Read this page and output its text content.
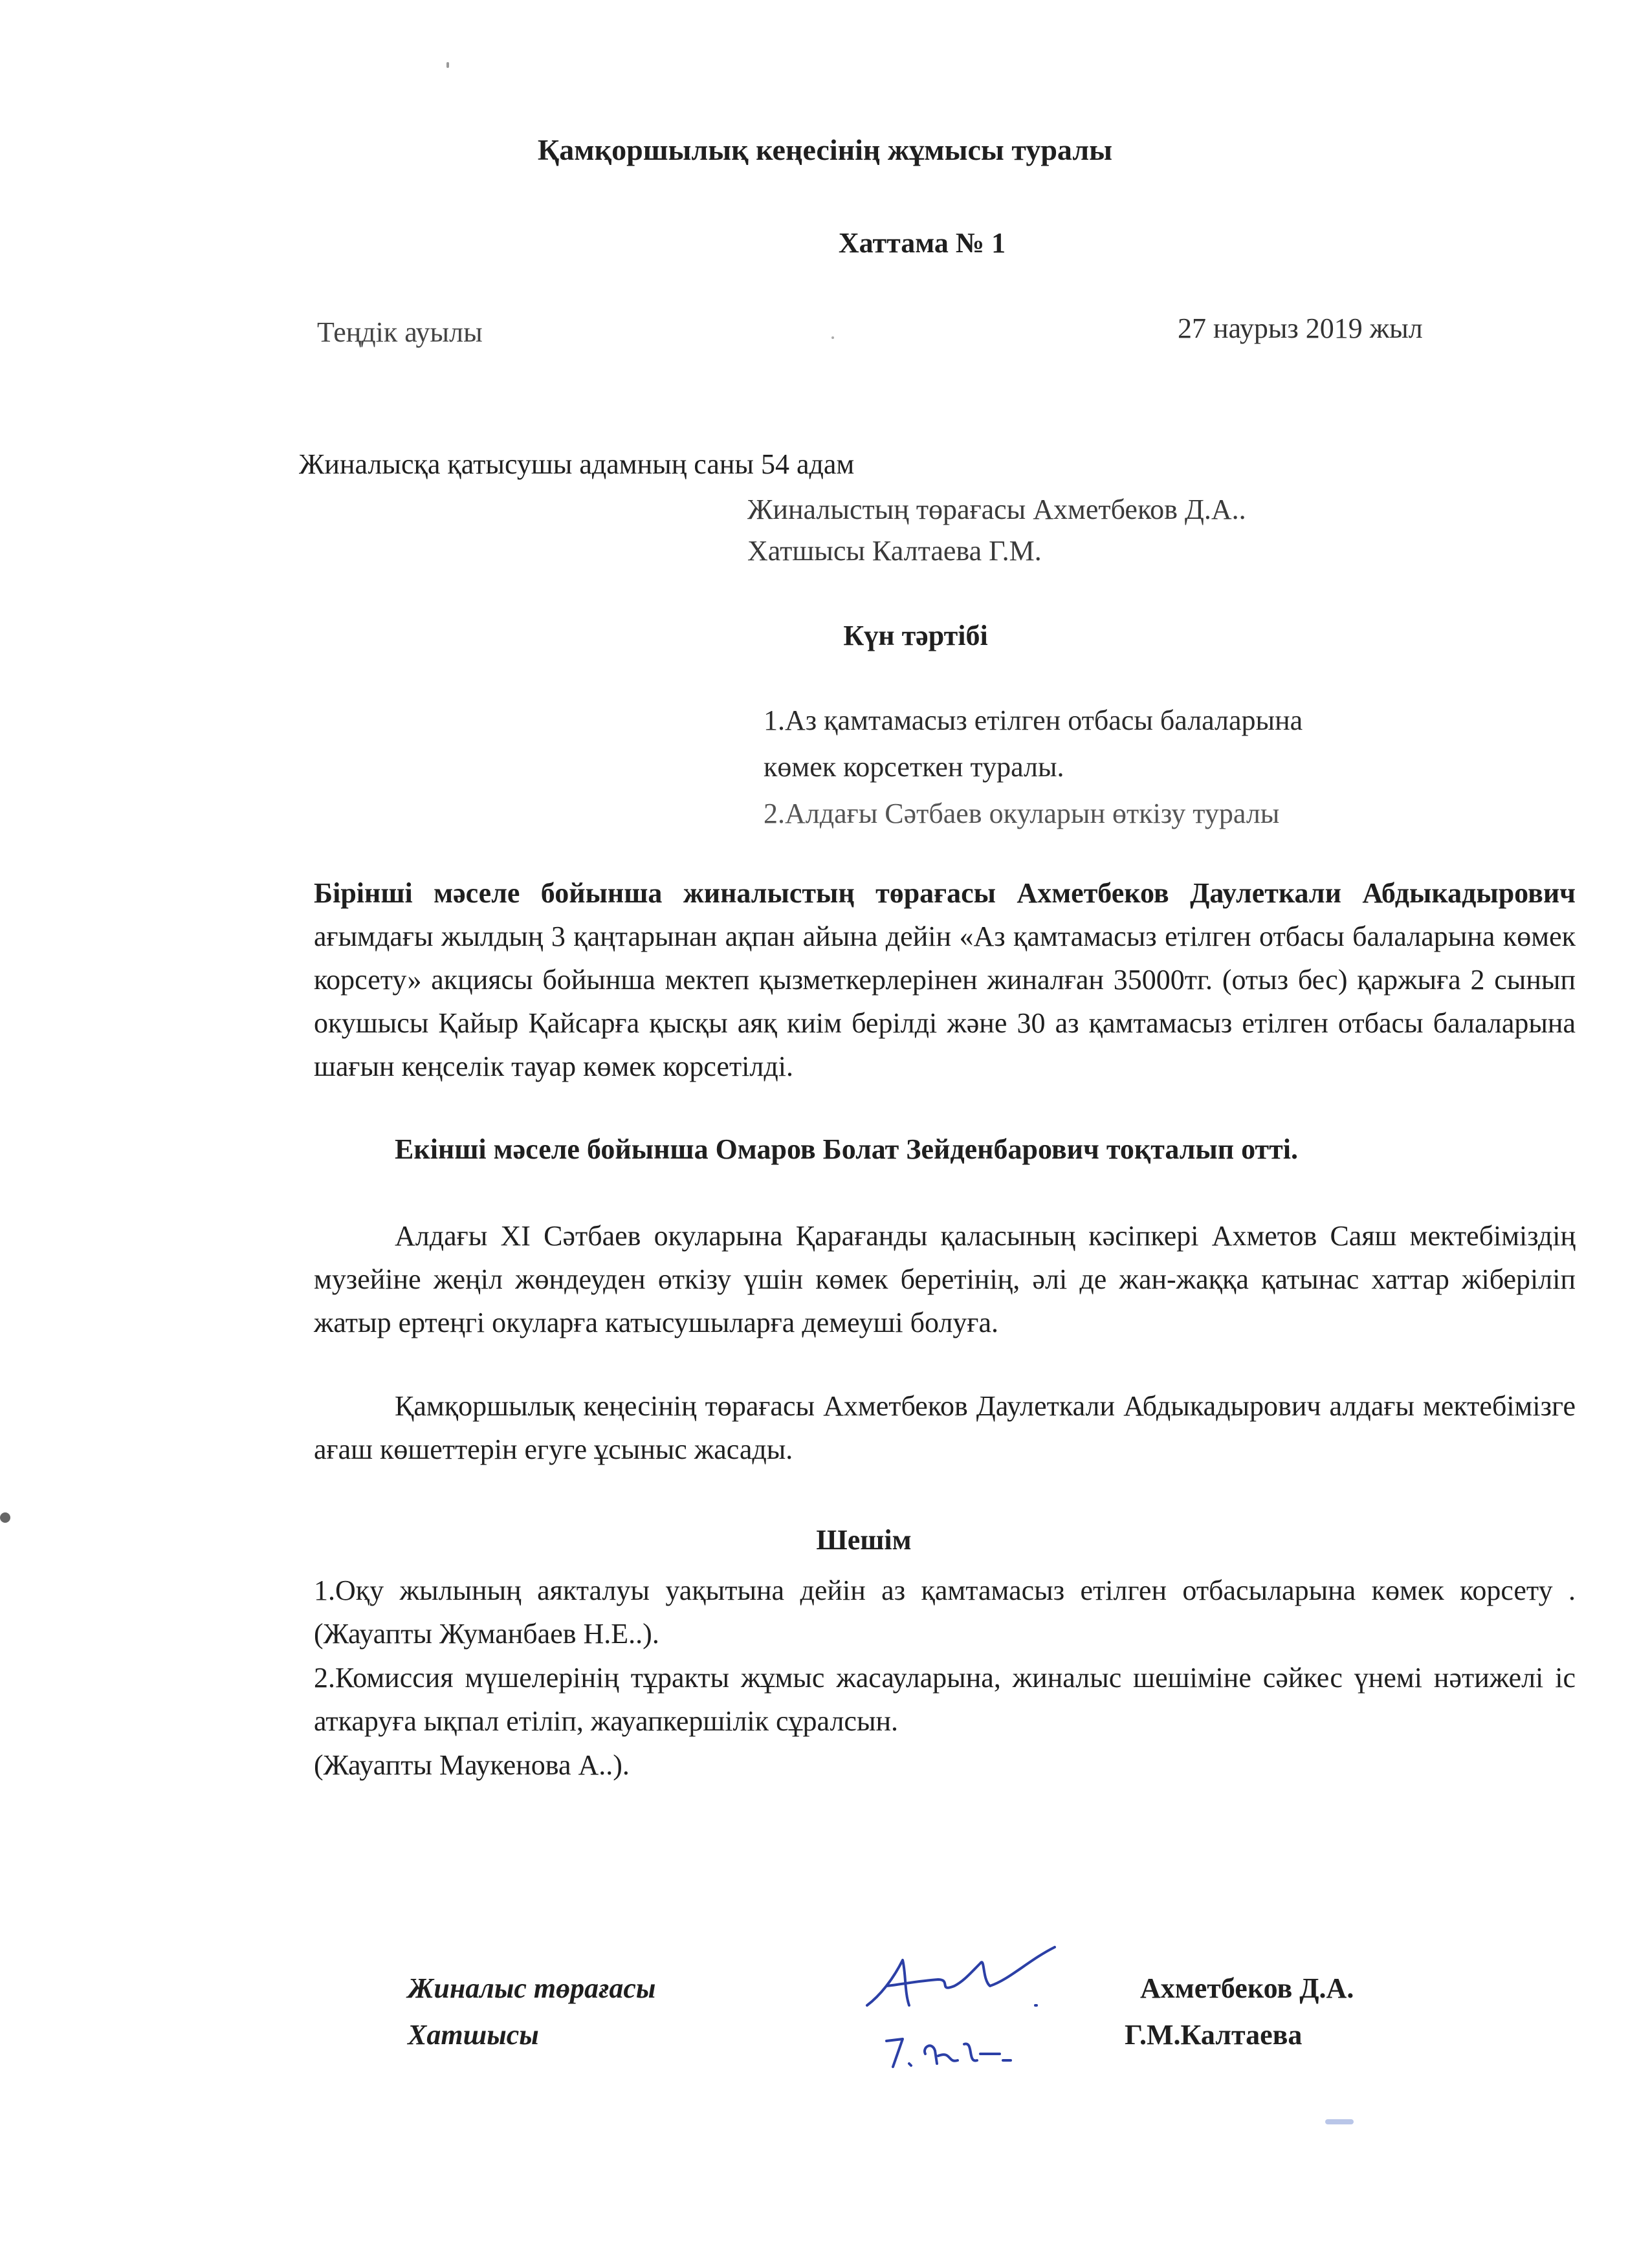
Қамқоршылық кеңесінің жұмысы туралы
Хаттама № 1
Теңдік ауылы	27 наурыз 2019 жыл
Жиналысқа қатысушы адамның саны 54 адам
Жиналыстың төрағасы Ахметбеков Д.А..
Хатшысы Калтаева Г.М.
Күн тәртібі
1.Аз қамтамасыз етілген отбасы балаларына
көмек корсеткен туралы.
2.Алдағы Сәтбаев окуларын өткізу туралы
Бірінші мәселе бойынша жиналыстың төрағасы Ахметбеков Даулеткали Абдыкадырович ағымдағы жылдың 3 қаңтарынан ақпан айына дейін «Аз қамтамасыз етілген отбасы балаларына көмек корсету» акциясы бойынша мектеп қызметкерлерінен жиналған 35000тг. (отыз бес) қаржыға 2 сынып окушысы Қайыр Қайсарға қысқы аяқ киім берілді және 30 аз қамтамасыз етілген отбасы балаларына шағын кеңселік тауар көмек корсетілді.
Екінші мәселе бойынша Омаров Болат Зейденбарович тоқталып отті.
Алдағы XI Сәтбаев окуларына Қарағанды қаласының кәсіпкері Ахметов Саяш мектебіміздің музейіне жеңіл жөндеуден өткізу үшін көмек беретінің, әлі де жан-жаққа қатынас хаттар жіберіліп жатыр ертеңгі окуларға катысушыларға демеуші болуға.
Қамқоршылық кеңесінің төрағасы Ахметбеков Даулеткали Абдыкадырович алдағы мектебімізге ағаш көшеттерін егуге ұсыныс жасады.
Шешім
1.Оқу жылының аякталуы уақытына дейін аз қамтамасыз етілген отбасыларына көмек корсету .(Жауапты Жуманбаев Н.Е..).
2.Комиссия мүшелерінің тұракты жұмыс жасауларына, жиналыс шешіміне сәйкес үнемі нәтижелі іс аткаруға ықпал етіліп, жауапкершілік сұралсын.
(Жауапты Маукенова А..).
Жиналыс төрағасы
Хатшысы
Ахметбеков Д.А.
Г.М.Калтаева
